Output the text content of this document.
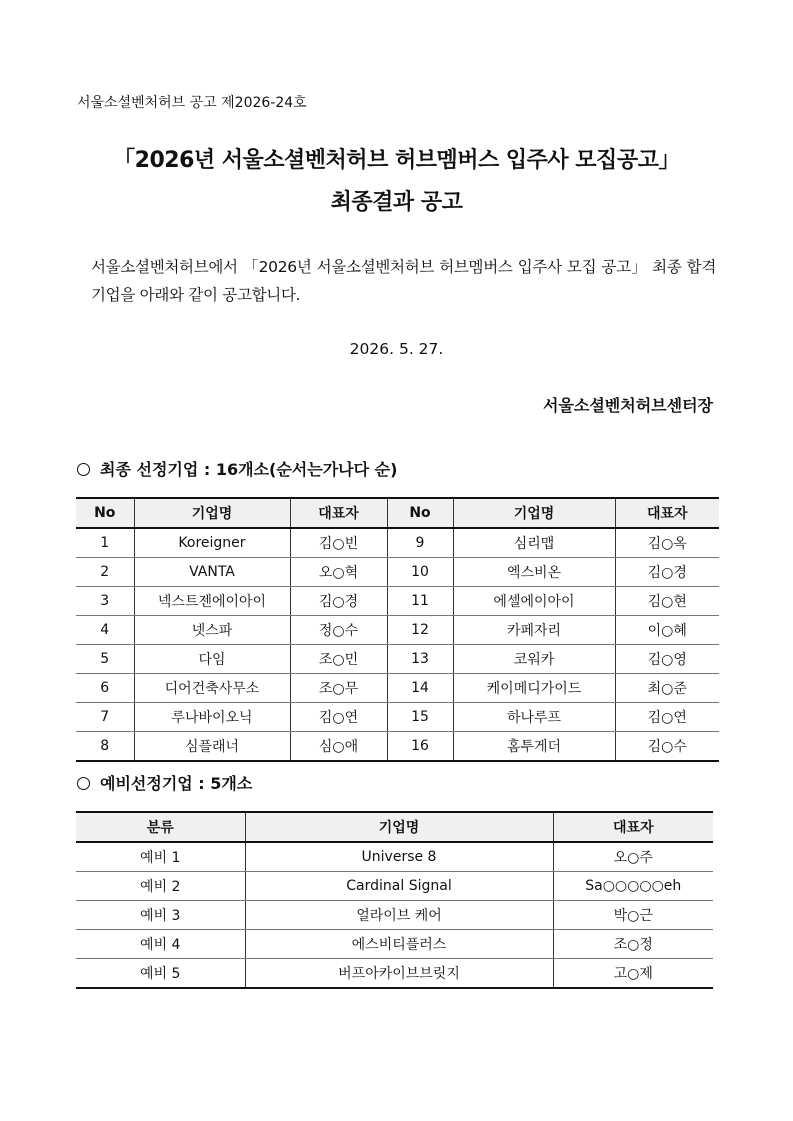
서울소셜벤처허브 공고 제2026-24호
「2026년 서울소셜벤처허브 허브멤버스 입주사 모집공고」
최종결과 공고
서울소셜벤처허브에서 「2026년 서울소셜벤처허브 허브멤버스 입주사 모집 공고」 최종 합격기업을 아래와 같이 공고합니다.
2026. 5. 27.
서울소셜벤처허브센터장
최종 선정기업 : 16개소(순서는가나다 순)
No	기업명	대표자	No	기업명	대표자
1	Koreigner	김○빈	9	심리맵	김○옥
2	VANTA	오○혁	10	엑스비온	김○경
3	넥스트젠에이아이	김○경	11	에셀에이아이	김○현
4	넷스파	정○수	12	카페자리	이○혜
5	다임	조○민	13	코워카	김○영
6	디어건축사무소	조○무	14	케이메디가이드	최○준
7	루나바이오닉	김○연	15	하나루프	김○연
8	심플래너	심○애	16	홈투게더	김○수
예비선정기업 : 5개소
분류	기업명	대표자
예비 1	Universe 8	오○주
예비 2	Cardinal Signal	Sa○○○○○eh
예비 3	얼라이브 케어	박○근
예비 4	에스비티플러스	조○정
예비 5	버프아카이브브릿지	고○제
